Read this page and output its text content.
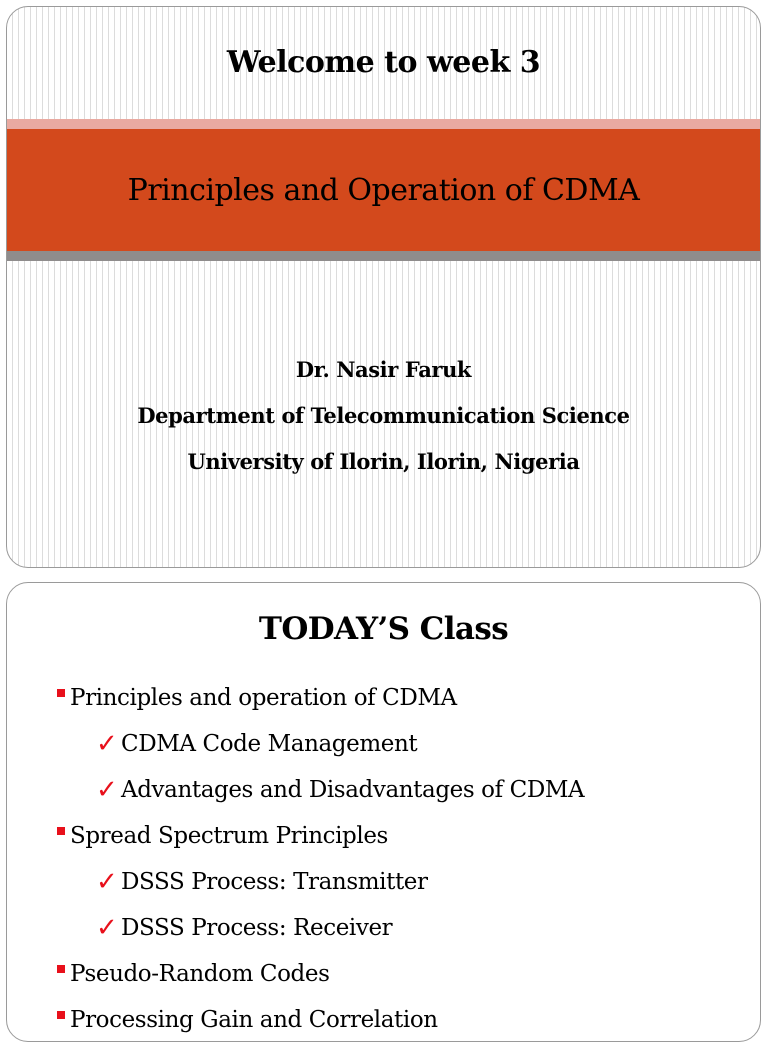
Welcome to week 3
Principles and Operation of CDMA
Dr. Nasir Faruk
Department of Telecommunication Science
University of Ilorin, Ilorin, Nigeria
TODAY’S Class
Principles and operation of CDMA
✓ CDMA Code Management
✓ Advantages and Disadvantages of CDMA
Spread Spectrum Principles
✓ DSSS Process: Transmitter
✓ DSSS Process: Receiver
Pseudo-Random Codes
Processing Gain and Correlation
